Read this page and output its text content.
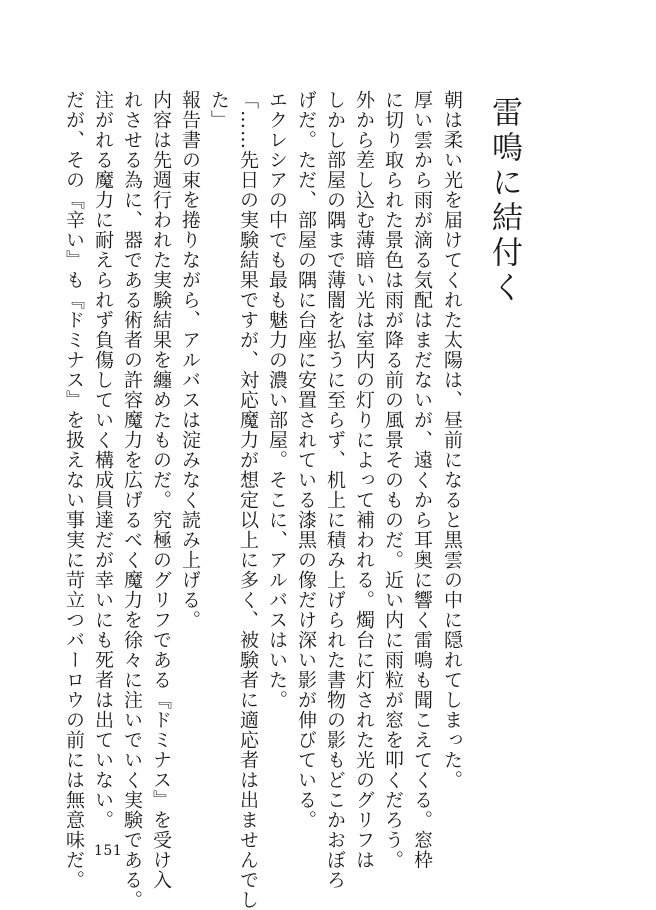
雷鳴に結付く
朝は柔い光を届けてくれた太陽は、昼前になると黒雲の中に隠れてしまった。
厚い雲から雨が滴る気配はまだないが、遠くから耳奥に響く雷鳴も聞こえてくる。窓枠
に切り取られた景色は雨が降る前の風景そのものだ。近い内に雨粒が窓を叩くだろう。
外から差し込む薄暗い光は室内の灯りによって補われる。燭台に灯された光のグリフは
しかし部屋の隅まで薄闇を払うに至らず、机上に積み上げられた書物の影もどこかおぼろ
げだ。ただ、部屋の隅に台座に安置されている漆黒の像だけ深い影が伸びている。
エクレシアの中でも最も魅力の濃い部屋。そこに、アルバスはいた。
「……先日の実験結果ですが、対応魔力が想定以上に多く、被験者に適応者は出ませんでし
た」
報告書の束を捲りながら、アルバスは淀みなく読み上げる。
内容は先週行われた実験結果を纏めたものだ。究極のグリフである『ドミナス』を受け入
れさせる為に、器である術者の許容魔力を広げるべく魔力を徐々に注いでいく実験である。
注がれる魔力に耐えられず負傷していく構成員達だが幸いにも死者は出ていない。
だが、その『辛い』も『ドミナス』を扱えない事実に苛立つバーロウの前には無意味だ。 151
